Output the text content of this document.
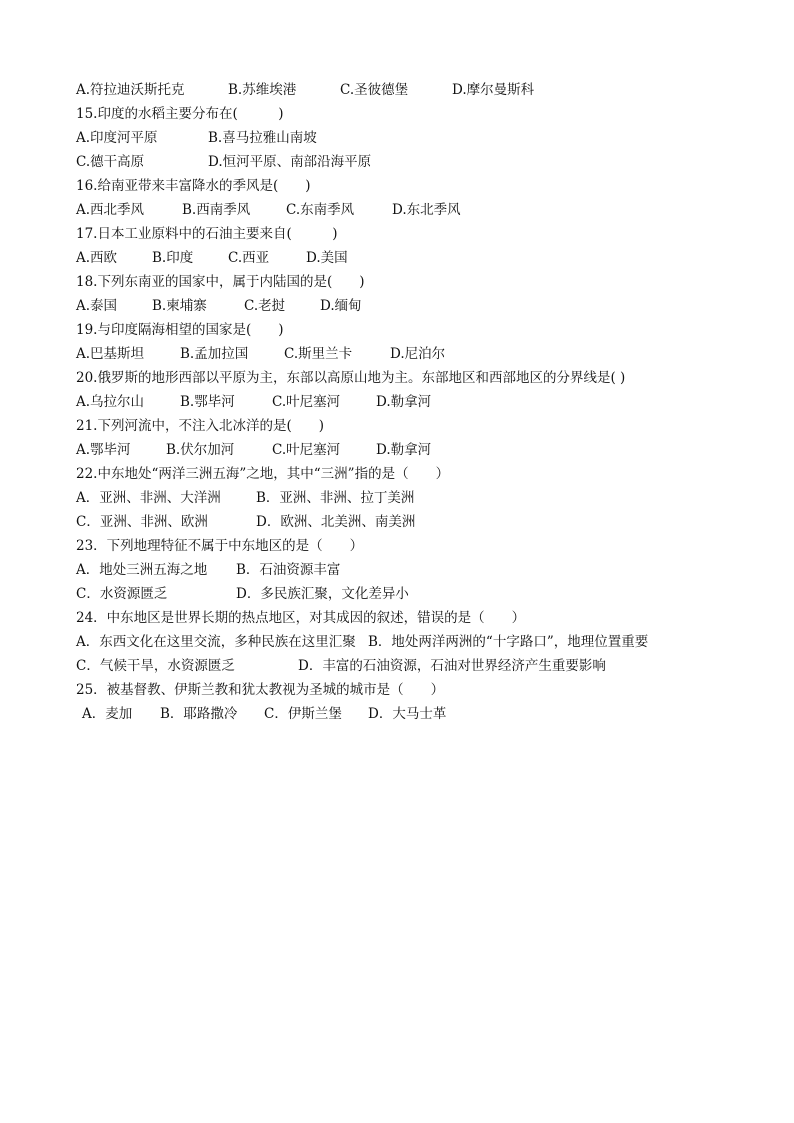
A.符拉迪沃斯托克	B.苏维埃港	C.圣彼德堡	D.摩尔曼斯科
15.印度的水稻主要分布在(　　　)
A.印度河平原	B.喜马拉雅山南坡
C.德干高原	D.恒河平原、南部沿海平原
16.给南亚带来丰富降水的季风是(　　)
A.西北季风	B.西南季风	C.东南季风	D.东北季风
17.日本工业原料中的石油主要来自(　　　)
A.西欧	B.印度	C.西亚	D.美国
18.下列东南亚的国家中，属于内陆国的是(　　)
A.泰国	B.柬埔寨	C.老挝	D.缅甸
19.与印度隔海相望的国家是(　　)
A.巴基斯坦	B.孟加拉国	C.斯里兰卡	D.尼泊尔
20.俄罗斯的地形西部以平原为主，东部以高原山地为主。东部地区和西部地区的分界线是( )
A.乌拉尔山	B.鄂毕河	C.叶尼塞河	D.勒拿河
21.下列河流中，不注入北冰洋的是(　　)
A.鄂毕河	B.伏尔加河	C.叶尼塞河	D.勒拿河
22.中东地处“两洋三洲五海”之地，其中“三洲”指的是（　　）
A．亚洲、非洲、大洋洲	B．亚洲、非洲、拉丁美洲
C．亚洲、非洲、欧洲	D．欧洲、北美洲、南美洲
23．下列地理特征不属于中东地区的是（　　）
A．地处三洲五海之地 B．石油资源丰富
C．水资源匮乏	D．多民族汇聚，文化差异小
24．中东地区是世界长期的热点地区，对其成因的叙述，错误的是（　　）
A．东西文化在这里交流，多种民族在这里汇聚 B．地处两洋两洲的“十字路口”，地理位置重要
C．气候干旱，水资源匮乏	D．丰富的石油资源，石油对世界经济产生重要影响
25．被基督教、伊斯兰教和犹太教视为圣城的城市是（　　）
A．麦加 B．耶路撒冷 C．伊斯兰堡 D．大马士革
